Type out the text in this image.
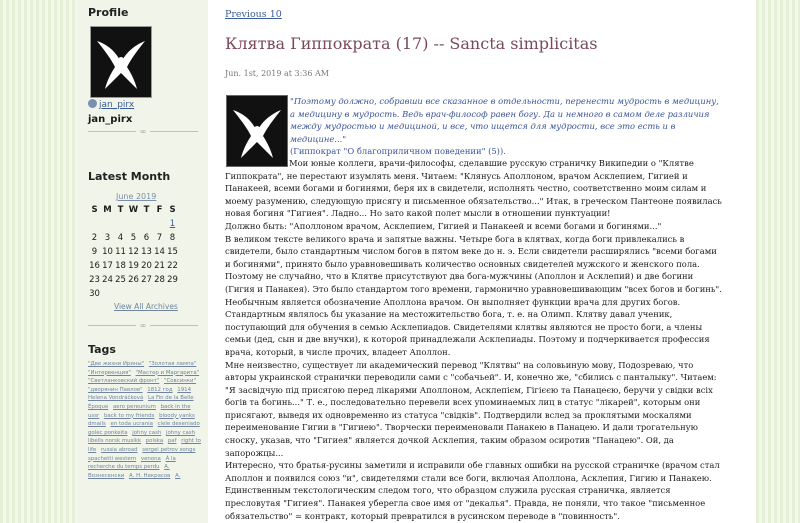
Profile
jan_pirx
jan_pirx
∞
Latest Month
June 2019
S M T W T F S
1
2 3 4 5 6 7 8
9 10 11 12 13 14 15
16 17 18 19 20 21 22
23 24 25 26 27 28 29
30
View All Archives
∞
Tags
"Две жизни Ирины" "Золотая лампа" "Интервенция" "Мастер и Маргарита" "Светланковский фронт" "Совсинки" "дворянин Павлов" 1812 год 1914 Helena Vondráčková La Fin de la Belle Époque aero pereunium back in the ussr back to my friends bloody yanks dmails en toda ucrania ciele deseniado golec ponkeita johny cash johny cash libells norsk musikk polska paf right to life russia abroad sergei petrov songs spachetti western venona À la recherche du temps perdu А. Вознесенски А. Н. Некрасов А.
Previous 10
Клятва Гиппократа (17) -- Sancta simplicitas
Jun. 1st, 2019 at 3:36 AM
"Поэтому должно, собравши все сказанное в отдельности, перенести мудрость в медицину, а медицину в мудрость. Ведь врач-философ равен богу. Да и немного в самом деле различия между мудростью и медициной, и все, что ищется для мудрости, все это есть и в медицине..."
(Гиппократ "О благоприличном поведении" (5)).
Мои юные коллеги, врачи-философы, сделавшие русскую страничку Википедии о "Клятве Гиппократа", не перестают изумлять меня. Читаем: "Клянусь Аполлоном, врачом Асклепием, Гигией и Панакеей, всеми богами и богинями, беря их в свидетели, исполнять честно, соответственно моим силам и моему разумению, следующую присягу и письменное обязательство..." Итак, в греческом Пантеоне появилась новая богиня "Гигиея". Ладно... Но зато какой полет мысли в отношении пунктуации!
Должно быть: "Аполлоном врачом, Асклепием, Гигией и Панакеей и всеми богами и богинями..."
В великом тексте великого врача и запятые важны. Четыре бога в клятвах, когда боги привлекались в свидетели, было стандартным числом богов в пятом веке до н. э. Если свидетели расширялись "всеми богами и богинями", принято было уравновешивать количество основных свидетелей мужского и женского пола. Поэтому не случайно, что в Клятве присутствуют два бога-мужчины (Аполлон и Асклепий) и две богини (Гигия и Панакея). Это было стандартом того времени, гармонично уравновешивающим "всех богов и богинь". Необычным является обозначение Аполлона врачом. Он выполняет функции врача для других богов. Стандартным являлось бы указание на местожительство бога, т. е. на Олимп. Клятву давал ученик, поступающий для обучения в семью Асклепиадов. Свидетелями клятвы являются не просто боги, а члены семьи (дед, сын и две внучки), к которой принадлежали Асклепиады. Поэтому и подчеркивается профессия врача, который, в числе прочих, владеет Аполлон.
Мне неизвестно, существует ли академический перевод "Клятвы" на соловьиную мову, Подозреваю, что авторы украинской странички переводили сами с "собачьей". И, конечно же, "сбились с панталыку". Читаем: "Я засвідчую під присягою перед лікарями Аполлоном, Асклепієм, Гігієєю та Панацеєю, беручи у свідки всіх богів та богинь..." Т. е., последовательно перевели всех упоминаемых лиц в статус "лікарей", которым они присягают, выведя их одновременно из статуса "свідків". Подтвердили вслед за проклятыми москалями переименование Гигии в "Гигиею". Творчески переименовали Панакею в Панацею. И дали трогательную сноску, указав, что "Гигиея" является дочкой Асклепия, таким образом осиротив "Панацею". Ой, да запорожцы...
Интересно, что братья-русины заметили и исправили обе главных ошибки на русской страничке (врачом стал Аполлон и появился союз "и", свидетелями стали все боги, включая Аполлона, Асклепия, Гигию и Панакею.
Единственным текстологическим следом того, что образцом служила русская страничка, является пресловутая "Гигиея". Панакея уберегла свое имя от "декалья". Правда, не поняли, что такое "письменное обязательство" = контракт, который превратился в русинском переводе в "повинность".
